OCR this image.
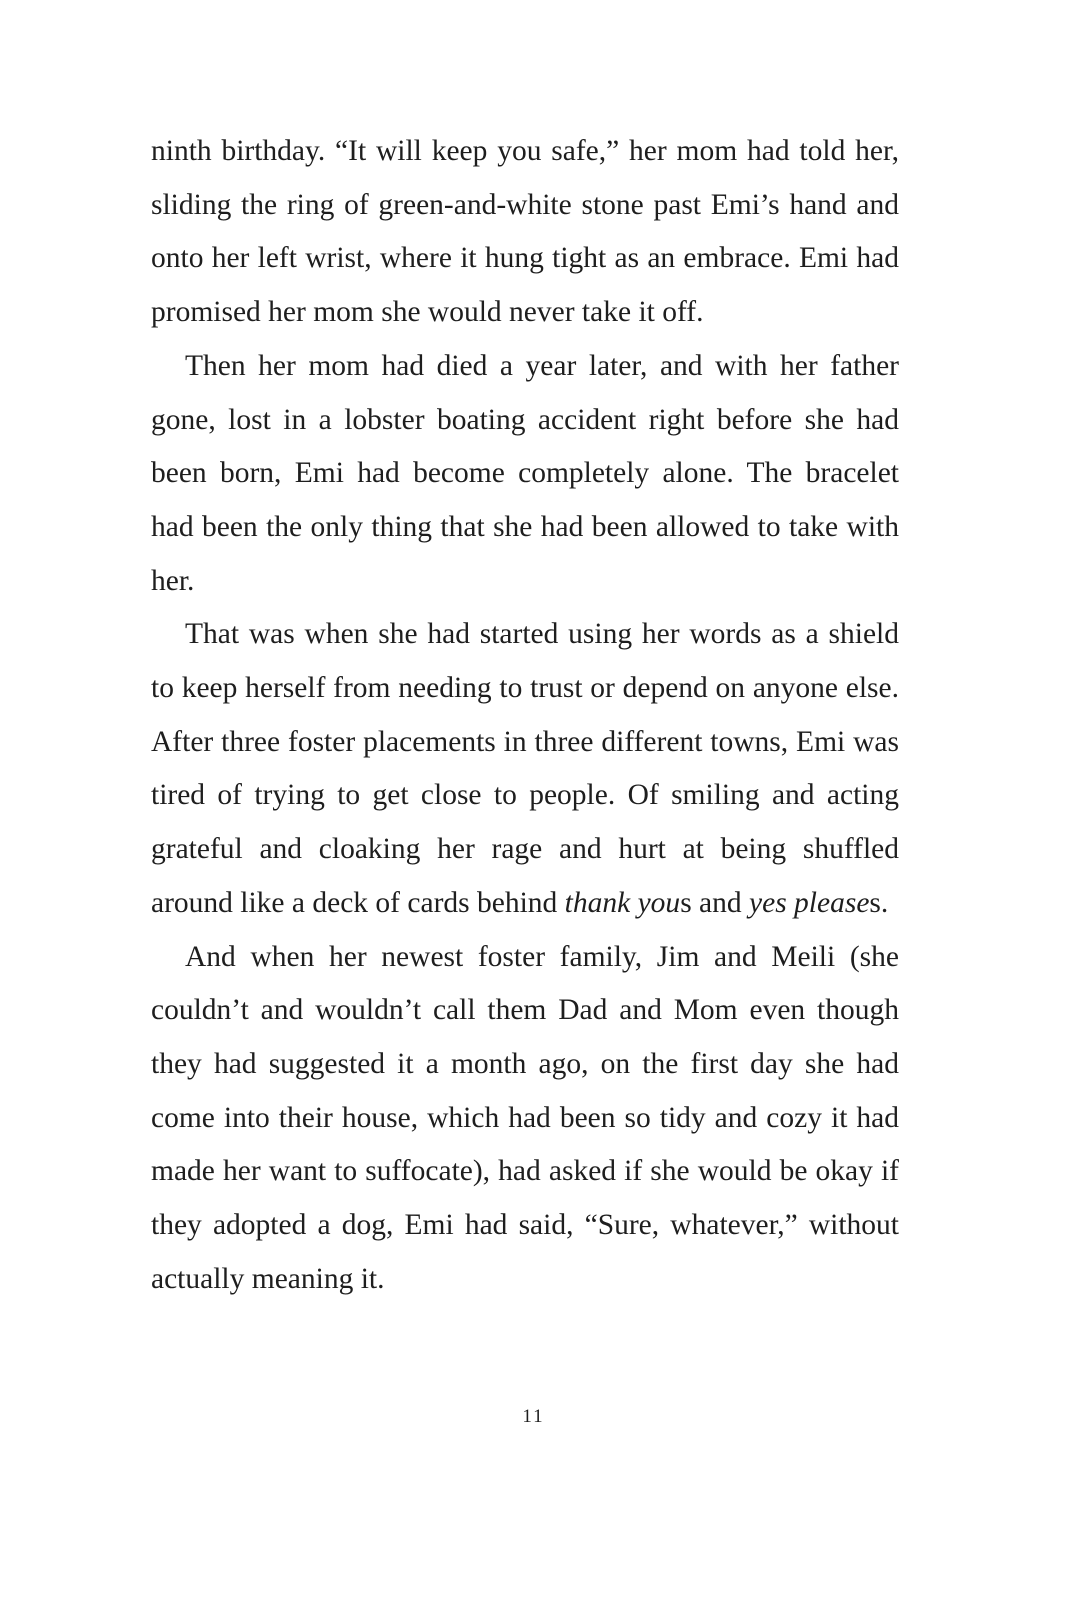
ninth birthday. “It will keep you safe,” her mom had told her, sliding the ring of green-and-white stone past Emi’s hand and onto her left wrist, where it hung tight as an embrace. Emi had promised her mom she would never take it off.

Then her mom had died a year later, and with her father gone, lost in a lobster boating accident right before she had been born, Emi had become completely alone. The bracelet had been the only thing that she had been allowed to take with her.

That was when she had started using her words as a shield to keep herself from needing to trust or depend on anyone else. After three foster placements in three different towns, Emi was tired of trying to get close to people. Of smiling and acting grateful and cloaking her rage and hurt at being shuffled around like a deck of cards behind thank yous and yes pleases.

And when her newest foster family, Jim and Meili (she couldn’t and wouldn’t call them Dad and Mom even though they had suggested it a month ago, on the first day she had come into their house, which had been so tidy and cozy it had made her want to suffocate), had asked if she would be okay if they adopted a dog, Emi had said, “Sure, whatever,” without actually meaning it.

11
